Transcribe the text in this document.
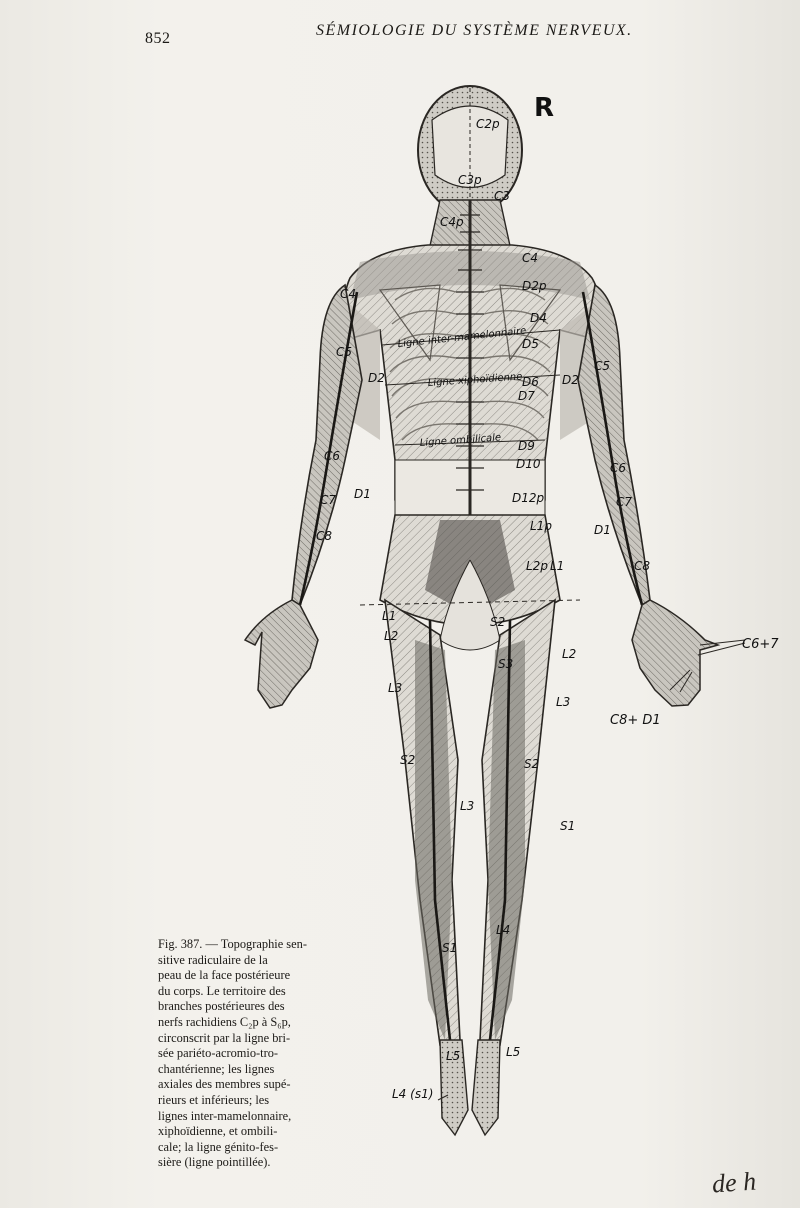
852	SÉMIOLOGIE DU SYSTÈME NERVEUX.
R
C2p
C3p
C3
C4p
C4
C4
D2p
D4
D5
C5
C5
D2	D2
D6
D7
D9
D10
D12p
C6
C6
C7	C7
D1
D1
C8
C8
L1p
L2p L1
L1
L2
L2
L3
L3
L3
S2
S3
S2	S2
S1
S1
L4
L5	L5
C6+7
C8+ D1
L4 (s1)
Ligne inter-mamelonnaire
Ligne xiphoïdienne
Ligne ombilicale
Fig. 387. — Topographie sen-
sitive radiculaire de la
peau de la face postérieure
du corps. Le territoire des
branches postérieures des
nerfs rachidiens C₂p à S₆p,
circonscrit par la ligne bri-
sée pariéto-acromio-tro-
chantérienne; les lignes
axiales des membres supé-
rieurs et inférieurs; les
lignes inter-mamelonnaire,
xiphoïdienne, et ombili-
cale; la ligne génito-fes-
sière (ligne pointillée).
de h
